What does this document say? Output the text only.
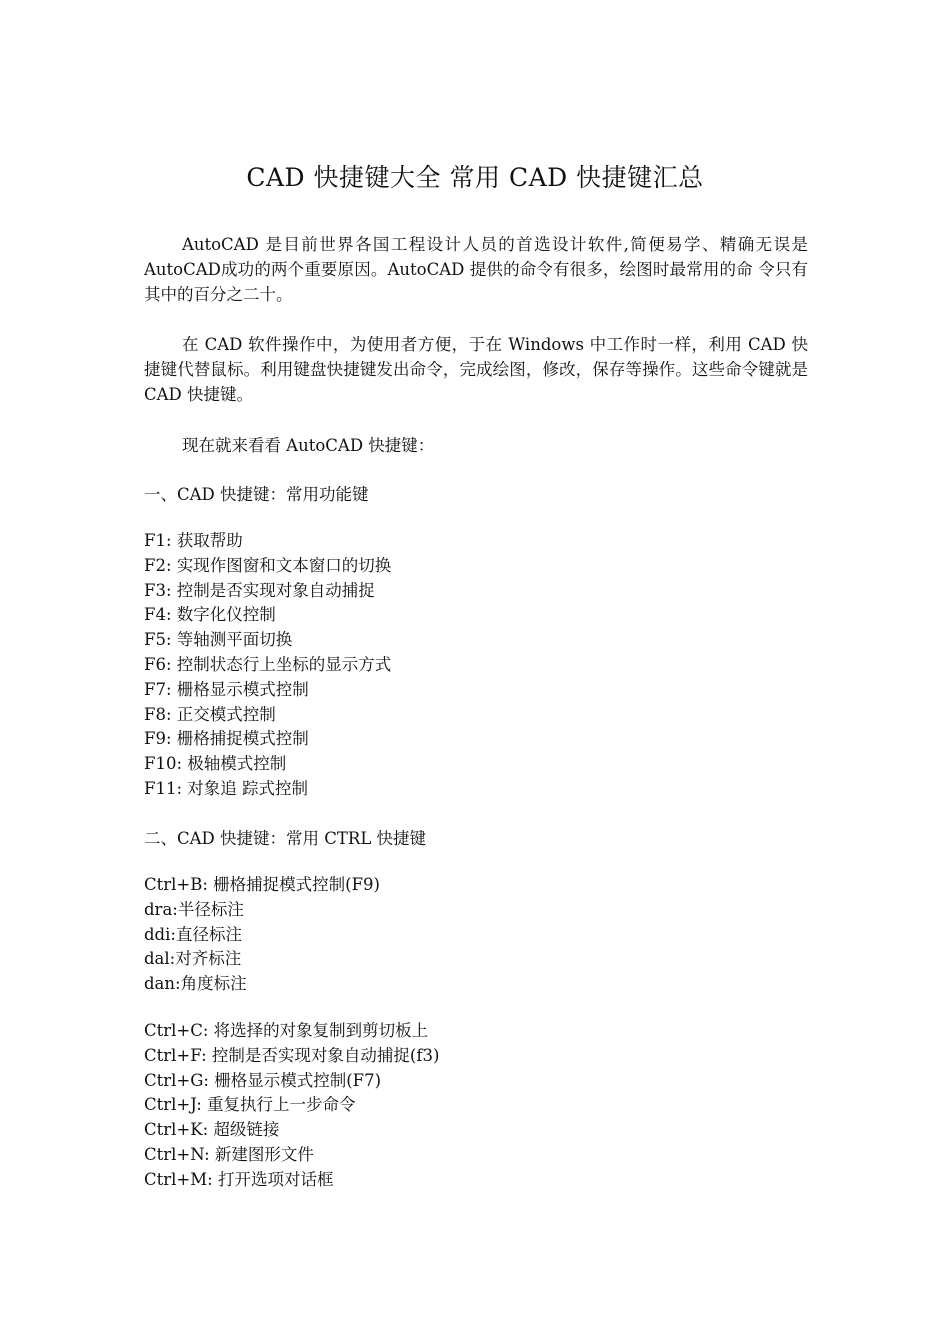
CAD 快捷键大全 常用 CAD 快捷键汇总

AutoCAD 是目前世界各国工程设计人员的首选设计软件,简便易学、精确无误是 AutoCAD成功的两个重要原因。AutoCAD 提供的命令有很多，绘图时最常用的命 令只有其中的百分之二十。

在 CAD 软件操作中，为使用者方便，于在 Windows 中工作时一样，利用 CAD 快捷键代替鼠标。利用键盘快捷键发出命令，完成绘图，修改，保存等操作。这些命令键就是 CAD 快捷键。

现在就来看看 AutoCAD 快捷键：
一、CAD 快捷键：常用功能键
F1: 获取帮助
F2: 实现作图窗和文本窗口的切换
F3: 控制是否实现对象自动捕捉
F4: 数字化仪控制
F5: 等轴测平面切换
F6: 控制状态行上坐标的显示方式
F7: 栅格显示模式控制
F8: 正交模式控制
F9: 栅格捕捉模式控制
F10: 极轴模式控制
F11: 对象追 踪式控制
二、CAD 快捷键：常用 CTRL 快捷键
Ctrl+B: 栅格捕捉模式控制(F9)
dra:半径标注
ddi:直径标注
dal:对齐标注
dan:角度标注
Ctrl+C: 将选择的对象复制到剪切板上
Ctrl+F: 控制是否实现对象自动捕捉(f3)
Ctrl+G: 栅格显示模式控制(F7)
Ctrl+J: 重复执行上一步命令
Ctrl+K: 超级链接
Ctrl+N: 新建图形文件
Ctrl+M: 打开选项对话框
